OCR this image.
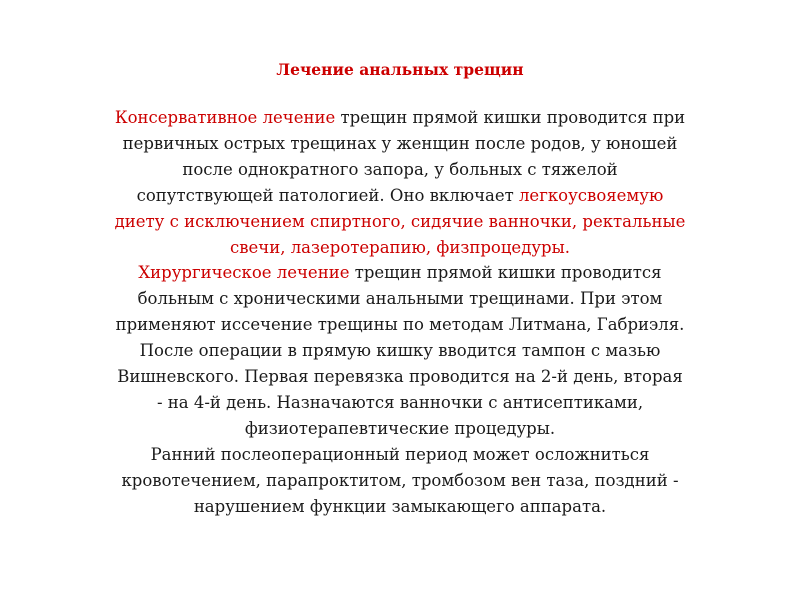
Лечение анальных трещин
Консервативное лечение трещин прямой кишки проводится при
первичных острых трещинах у женщин после родов, у юношей
после однократного запора, у больных с тяжелой
сопутствующей патологией. Оно включает легкоусвояемую
диету с исключением спиртного, сидячие ванночки, ректальные
свечи, лазеротерапию, физпроцедуры.
Хирургическое лечение трещин прямой кишки проводится
больным с хроническими анальными трещинами. При этом
применяют иссечение трещины по методам Литмана, Габриэля.
После операции в прямую кишку вводится тампон с мазью
Вишневского. Первая перевязка проводится на 2-й день, вторая
- на 4-й день. Назначаются ванночки с антисептиками,
физиотерапевтические процедуры.
Ранний послеоперационный период может осложниться
кровотечением, парапроктитом, тромбозом вен таза, поздний -
нарушением функции замыкающего аппарата.
